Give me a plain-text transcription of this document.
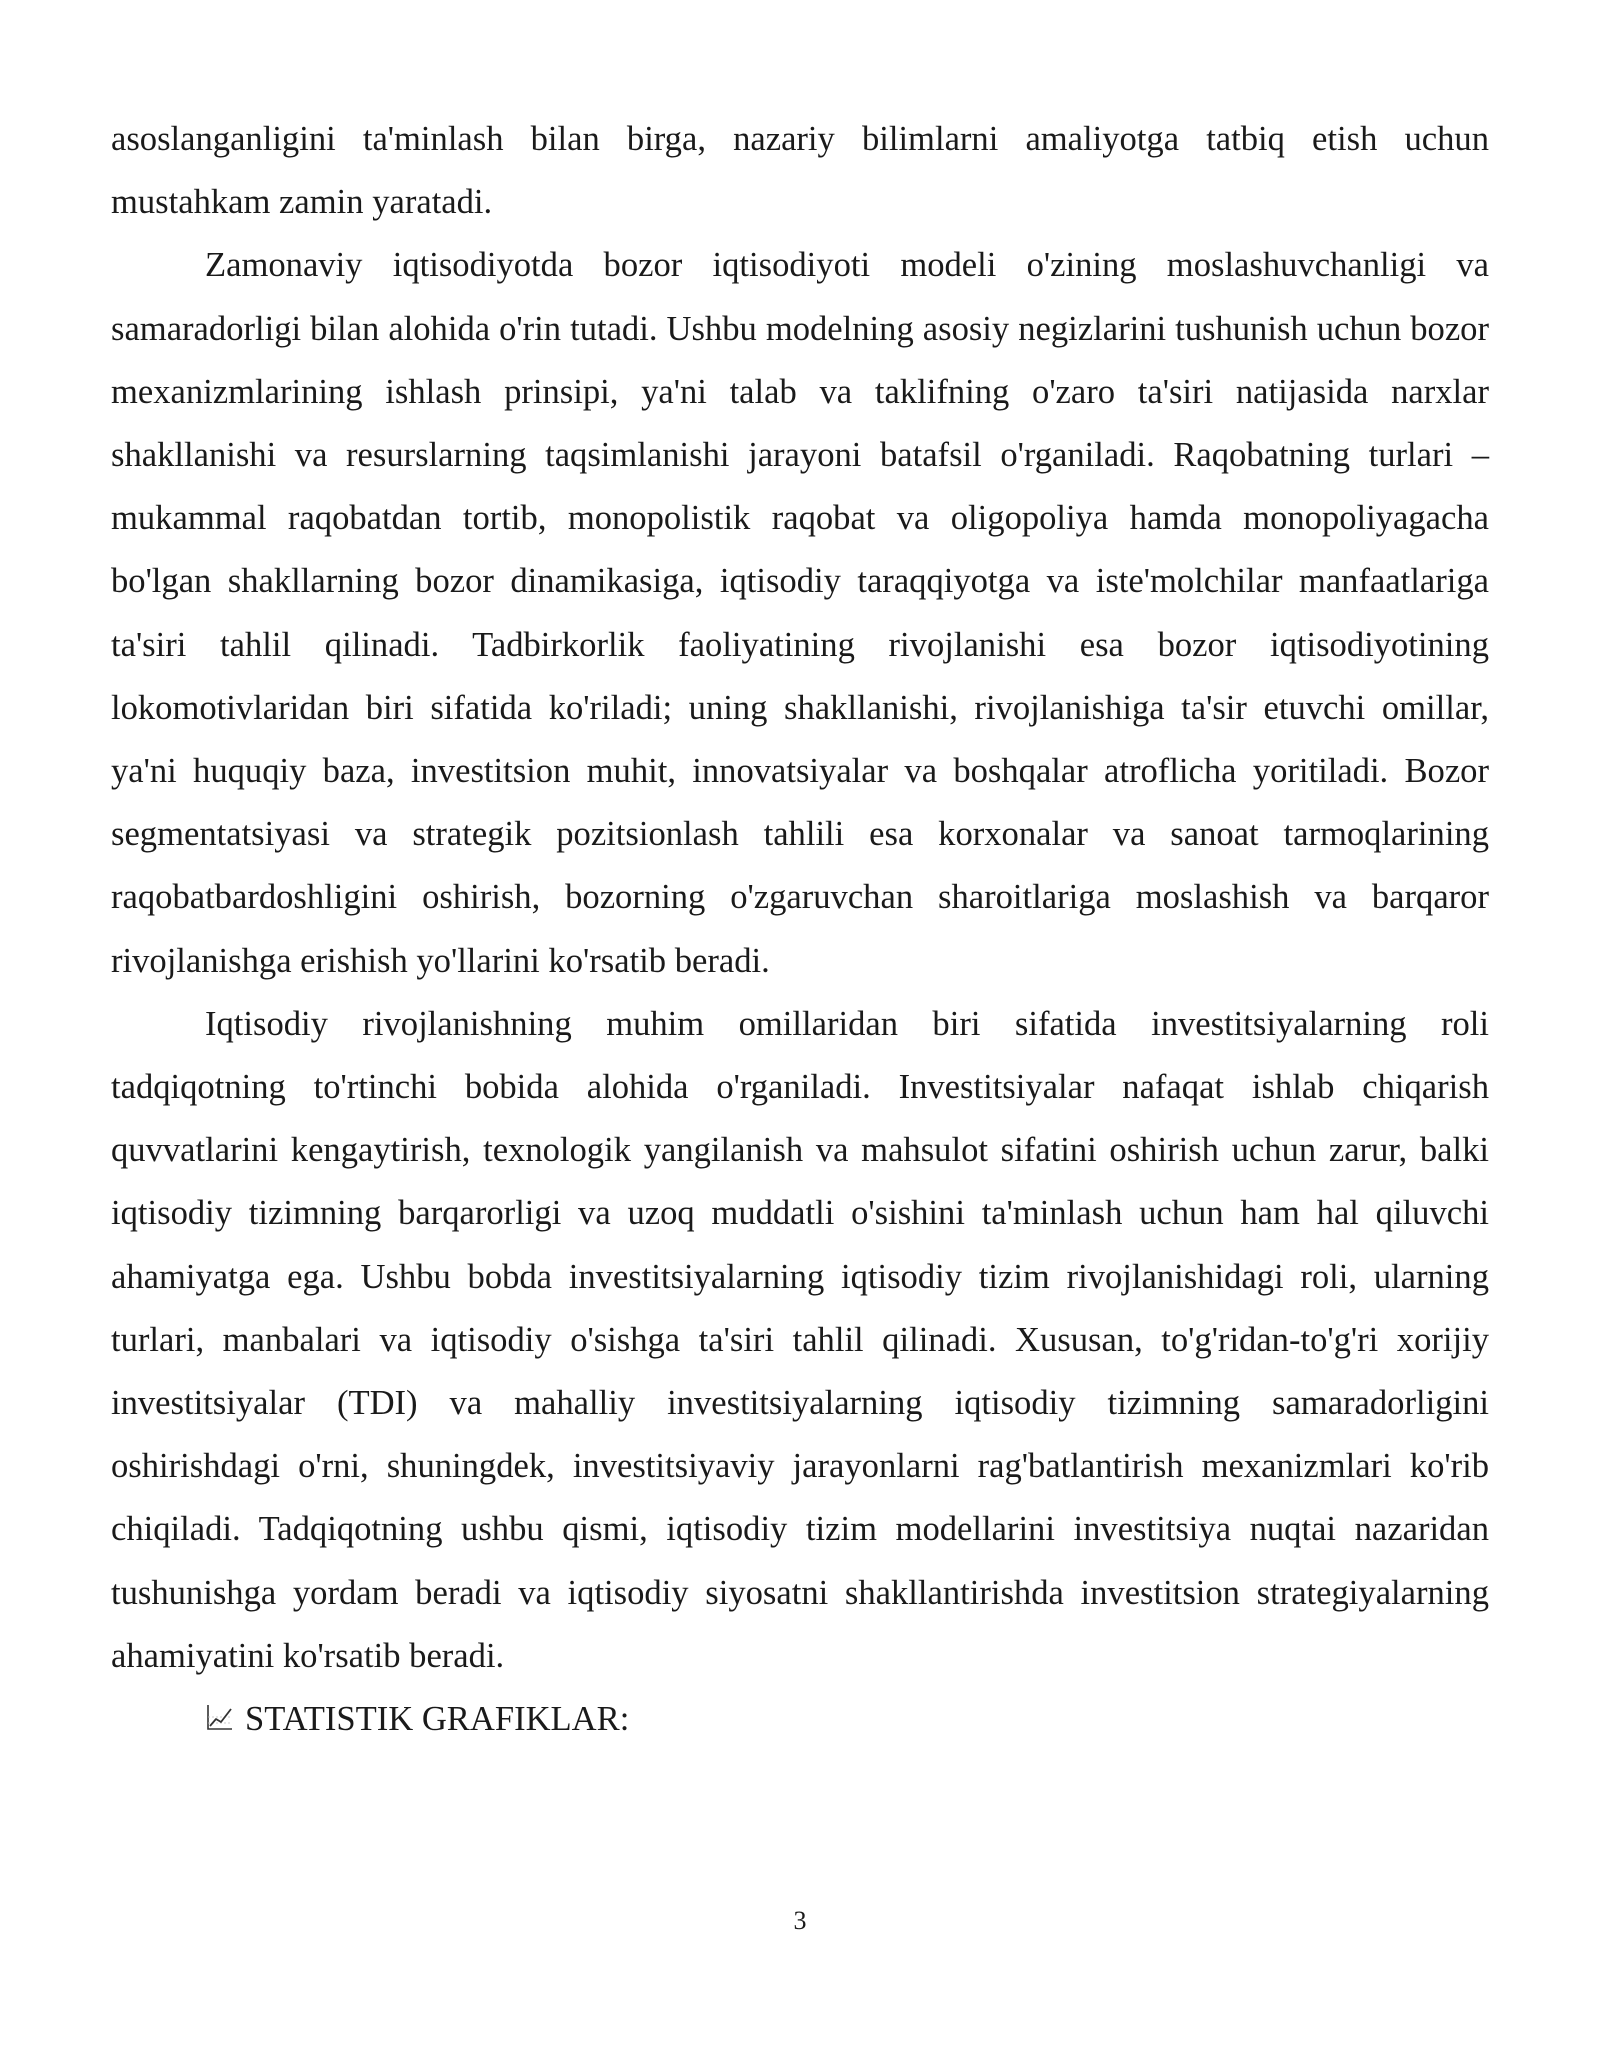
asoslanganligini ta'minlash bilan birga, nazariy bilimlarni amaliyotga tatbiq etish uchun mustahkam zamin yaratadi.

Zamonaviy iqtisodiyotda bozor iqtisodiyoti modeli o'zining moslashuvchanligi va samaradorligi bilan alohida o'rin tutadi. Ushbu modelning asosiy negizlarini tushunish uchun bozor mexanizmlarining ishlash prinsipi, ya'ni talab va taklifning o'zaro ta'siri natijasida narxlar shakllanishi va resurslarning taqsimlanishi jarayoni batafsil o'rganiladi. Raqobatning turlari – mukammal raqobatdan tortib, monopolistik raqobat va oligopoliya hamda monopoliyagacha bo'lgan shakllarning bozor dinamikasiga, iqtisodiy taraqqiyotga va iste'molchilar manfaatlariga ta'siri tahlil qilinadi. Tadbirkorlik faoliyatining rivojlanishi esa bozor iqtisodiyotining lokomotivlaridan biri sifatida ko'riladi; uning shakllanishi, rivojlanishiga ta'sir etuvchi omillar, ya'ni huquqiy baza, investitsion muhit, innovatsiyalar va boshqalar atroflicha yoritiladi. Bozor segmentatsiyasi va strategik pozitsionlash tahlili esa korxonalar va sanoat tarmoqlarining raqobatbardoshligini oshirish, bozorning o'zgaruvchan sharoitlariga moslashish va barqaror rivojlanishga erishish yo'llarini ko'rsatib beradi.

Iqtisodiy rivojlanishning muhim omillaridan biri sifatida investitsiyalarning roli tadqiqotning to'rtinchi bobida alohida o'rganiladi. Investitsiyalar nafaqat ishlab chiqarish quvvatlarini kengaytirish, texnologik yangilanish va mahsulot sifatini oshirish uchun zarur, balki iqtisodiy tizimning barqarorligi va uzoq muddatli o'sishini ta'minlash uchun ham hal qiluvchi ahamiyatga ega. Ushbu bobda investitsiyalarning iqtisodiy tizim rivojlanishidagi roli, ularning turlari, manbalari va iqtisodiy o'sishga ta'siri tahlil qilinadi. Xususan, to'g'ridan-to'g'ri xorijiy investitsiyalar (TDI) va mahalliy investitsiyalarning iqtisodiy tizimning samaradorligini oshirishdagi o'rni, shuningdek, investitsiyaviy jarayonlarni rag'batlantirish mexanizmlari ko'rib chiqiladi. Tadqiqotning ushbu qismi, iqtisodiy tizim modellarini investitsiya nuqtai nazaridan tushunishga yordam beradi va iqtisodiy siyosatni shakllantirishda investitsion strategiyalarning ahamiyatini ko'rsatib beradi.

STATISTIK GRAFIKLAR:
3
